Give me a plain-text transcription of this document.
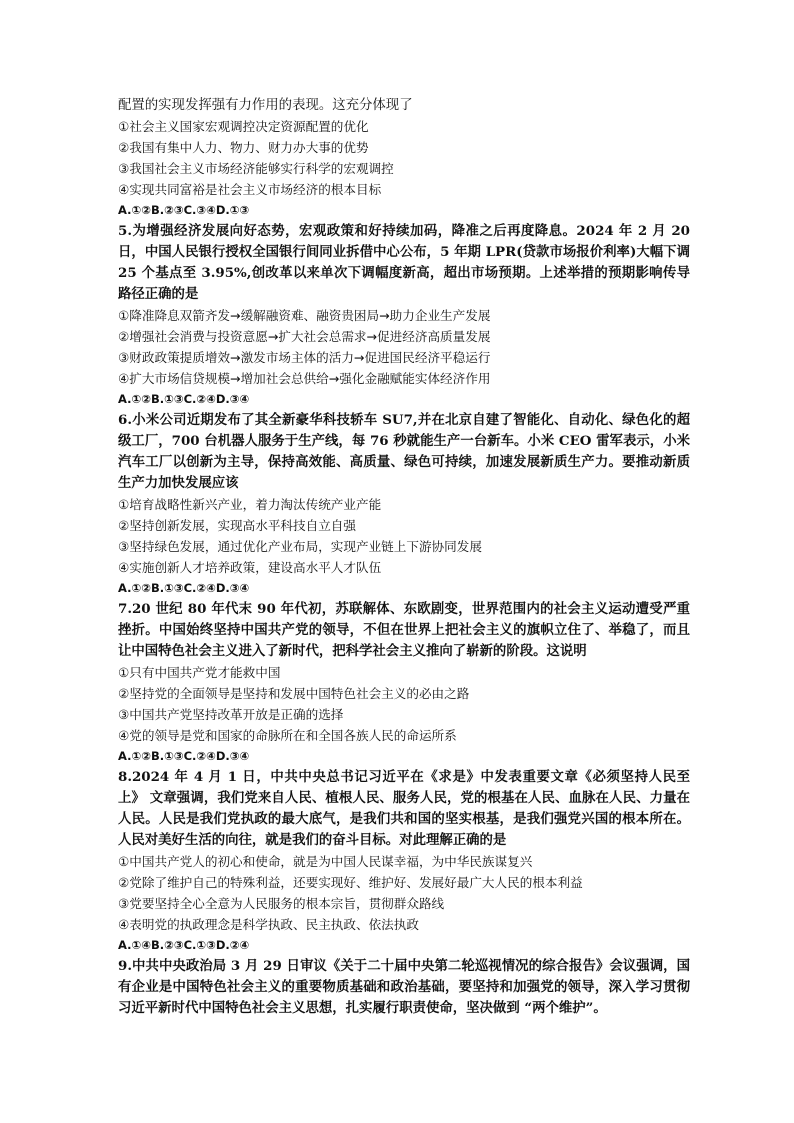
配置的实现发挥强有力作用的表现。这充分体现了
①社会主义国家宏观调控决定资源配置的优化
②我国有集中人力、物力、财力办大事的优势
③我国社会主义市场经济能够实行科学的宏观调控
④实现共同富裕是社会主义市场经济的根本目标
A.①②B.②③C.③④D.①③
5.为增强经济发展向好态势，宏观政策和好持续加码，降准之后再度降息。2024 年 2 月 20 日，中国人民银行授权全国银行间同业拆借中心公布，5 年期 LPR(贷款市场报价利率)大幅下调 25 个基点至 3.95%,创改革以来单次下调幅度新高，超出市场预期。上述举措的预期影响传导路径正确的是
①降准降息双箭齐发→缓解融资难、融资贵困局→助力企业生产发展
②增强社会消费与投资意愿→扩大社会总需求→促进经济高质量发展
③财政政策提质增效→激发市场主体的活力→促进国民经济平稳运行
④扩大市场信贷规模→增加社会总供给→强化金融赋能实体经济作用
A.①②B.①③C.②④D.③④
6.小米公司近期发布了其全新豪华科技轿车 SU7,并在北京自建了智能化、自动化、绿色化的超级工厂，700 台机器人服务于生产线，每 76 秒就能生产一台新车。小米 CEO 雷军表示，小米汽车工厂以创新为主导，保持高效能、高质量、绿色可持续，加速发展新质生产力。要推动新质生产力加快发展应该
①培育战略性新兴产业，着力淘汰传统产业产能
②坚持创新发展，实现高水平科技自立自强
③坚持绿色发展，通过优化产业布局，实现产业链上下游协同发展
④实施创新人才培养政策，建设高水平人才队伍
A.①②B.①③C.②④D.③④
7.20 世纪 80 年代末 90 年代初，苏联解体、东欧剧变，世界范围内的社会主义运动遭受严重挫折。中国始终坚持中国共产党的领导，不但在世界上把社会主义的旗帜立住了、举稳了，而且让中国特色社会主义进入了新时代，把科学社会主义推向了崭新的阶段。这说明
①只有中国共产党才能救中国
②坚持党的全面领导是坚持和发展中国特色社会主义的必由之路
③中国共产党坚持改革开放是正确的选择
④党的领导是党和国家的命脉所在和全国各族人民的命运所系
A.①②B.①③C.②④D.③④
8.2024 年 4 月 1 日，中共中央总书记习近平在《求是》中发表重要文章《必须坚持人民至上》 文章强调，我们党来自人民、植根人民、服务人民，党的根基在人民、血脉在人民、力量在人民。人民是我们党执政的最大底气，是我们共和国的坚实根基，是我们强党兴国的根本所在。人民对美好生活的向往，就是我们的奋斗目标。对此理解正确的是
①中国共产党人的初心和使命，就是为中国人民谋幸福，为中华民族谋复兴
②党除了维护自己的特殊利益，还要实现好、维护好、发展好最广大人民的根本利益
③党要坚持全心全意为人民服务的根本宗旨，贯彻群众路线
④表明党的执政理念是科学执政、民主执政、依法执政
A.①④B.②③C.①③D.②④
9.中共中央政治局 3 月 29 日审议《关于二十届中央第二轮巡视情况的综合报告》会议强调，国有企业是中国特色社会主义的重要物质基础和政治基础，要坚持和加强党的领导，深入学习贯彻习近平新时代中国特色社会主义思想，扎实履行职责使命，坚决做到 “两个维护”。
